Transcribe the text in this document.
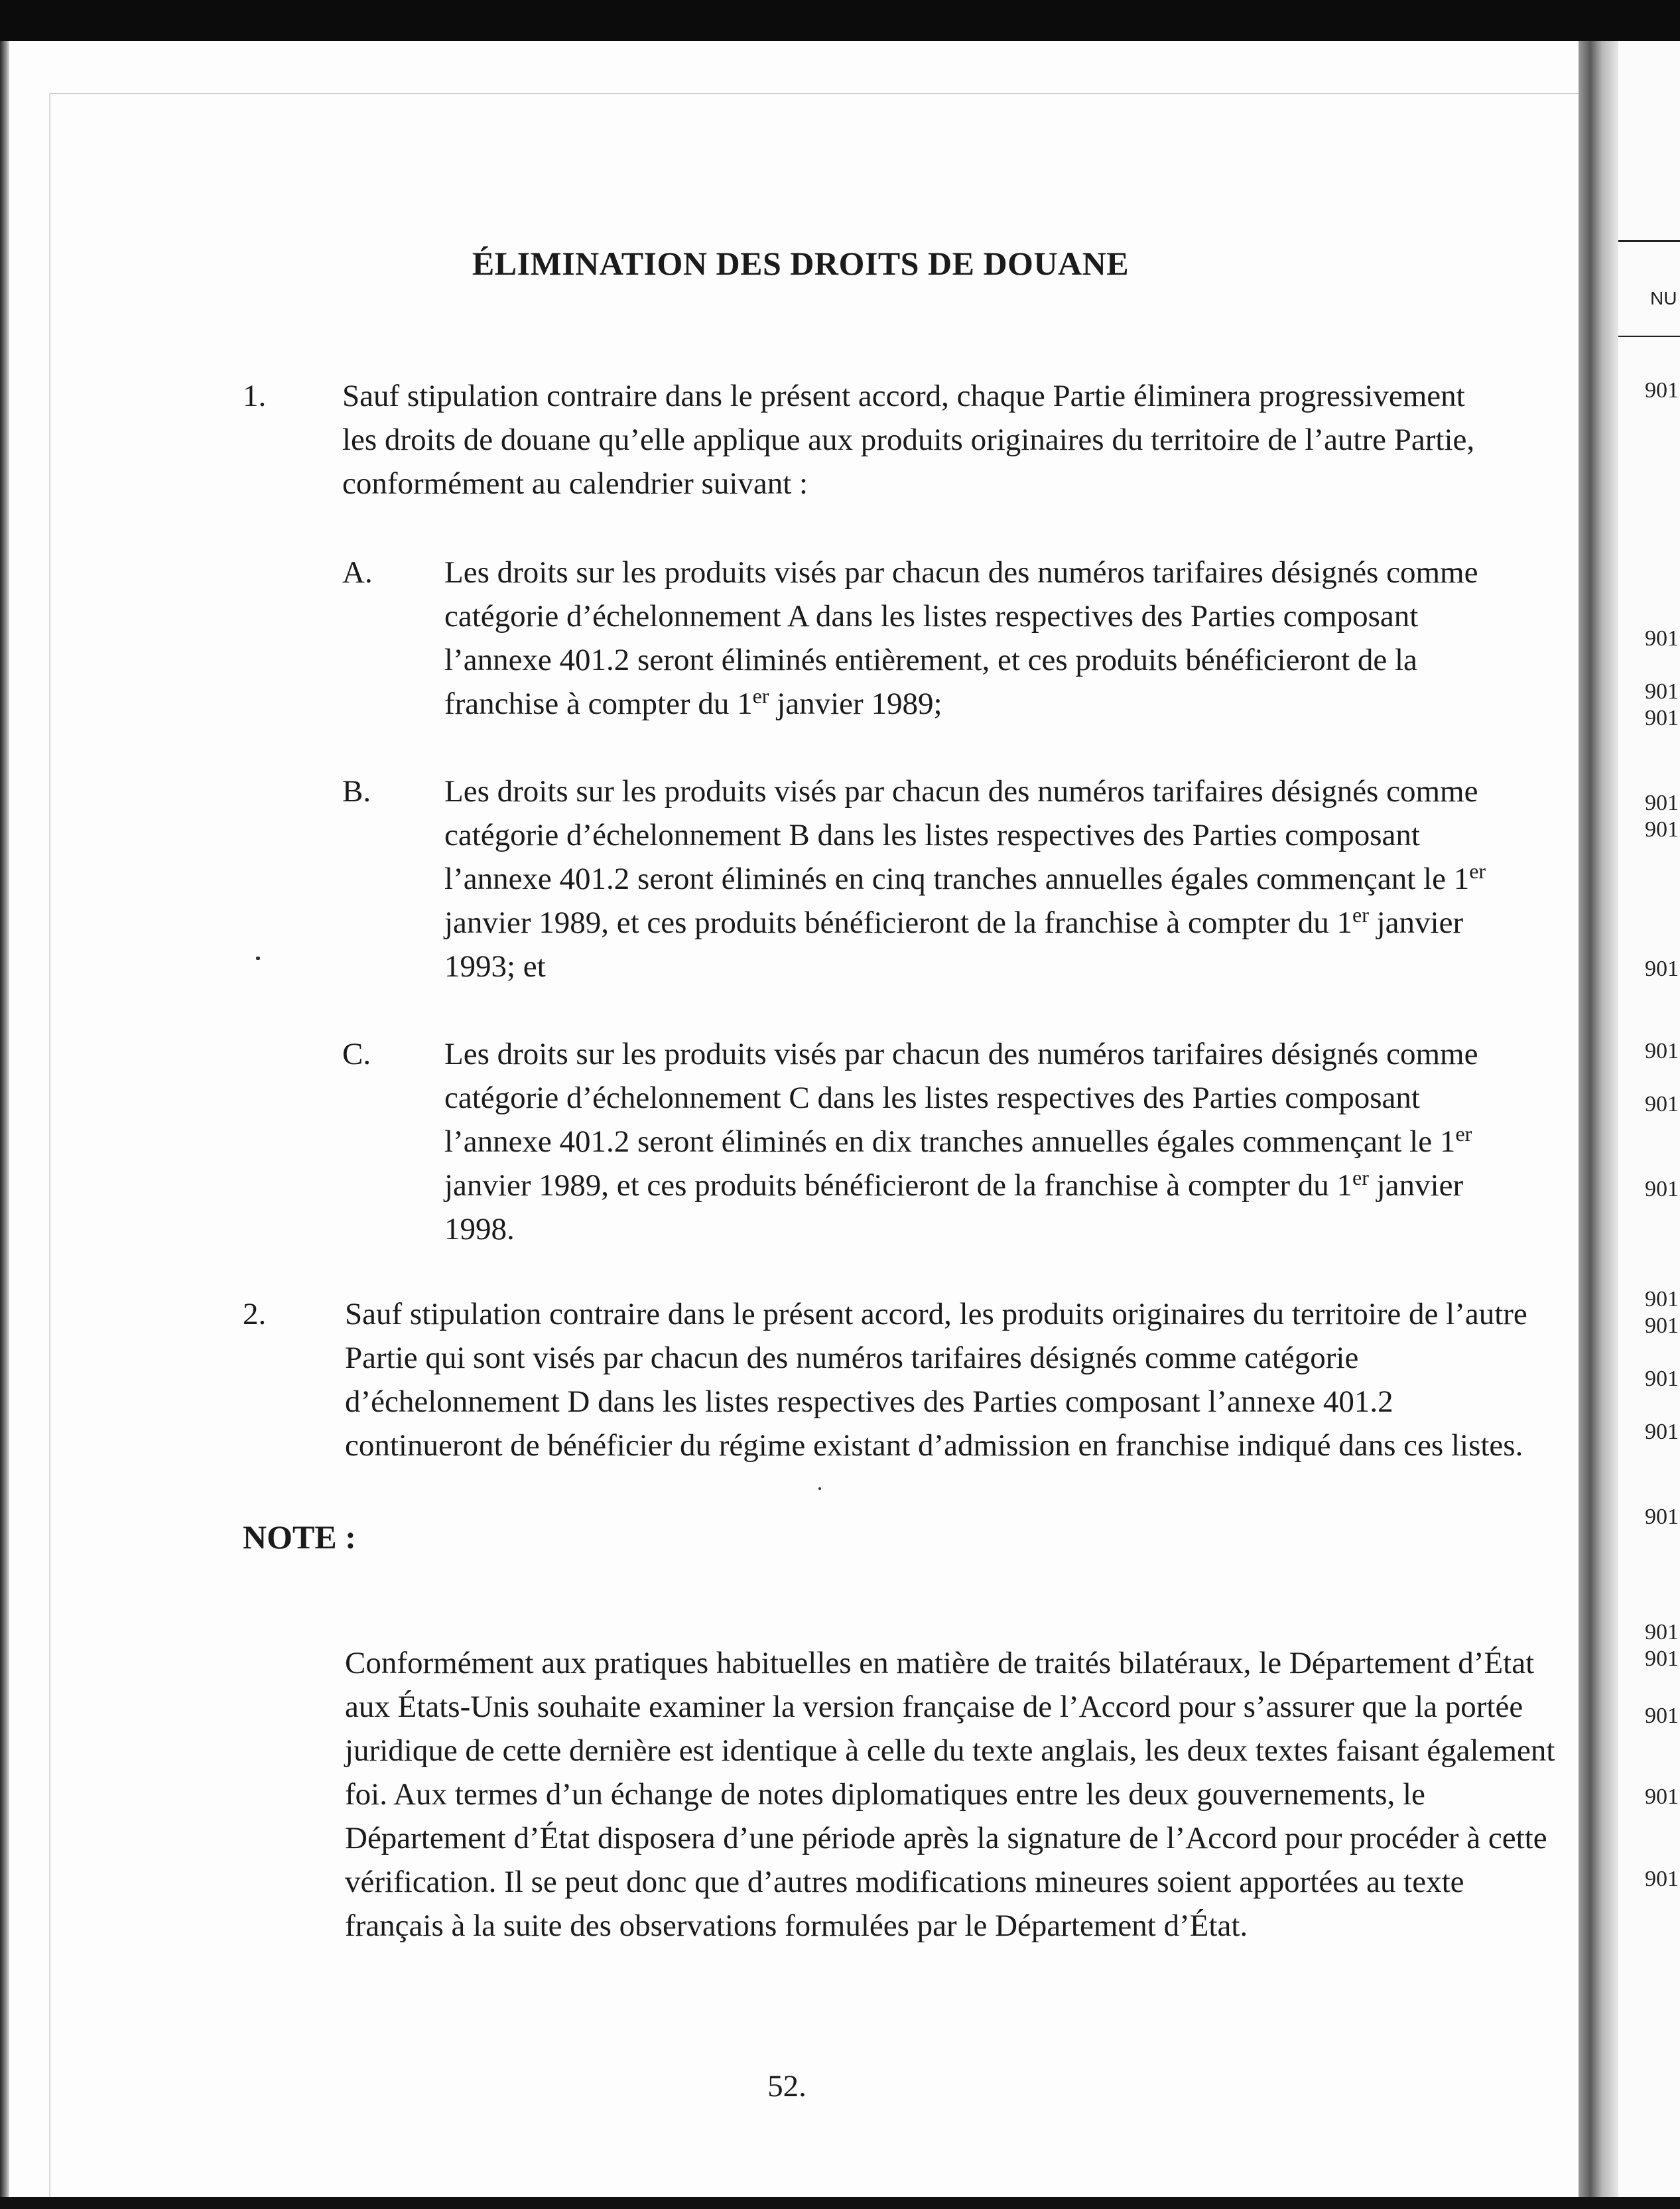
ÉLIMINATION DES DROITS DE DOUANE
1. Sauf stipulation contraire dans le présent accord, chaque Partie éliminera progressivement les droits de douane qu’elle applique aux produits originaires du territoire de l’autre Partie, conformément au calendrier suivant :
A. Les droits sur les produits visés par chacun des numéros tarifaires désignés comme catégorie d’échelonnement A dans les listes respectives des Parties composant l’annexe 401.2 seront éliminés entièrement, et ces produits bénéficieront de la franchise à compter du 1er janvier 1989;
B. Les droits sur les produits visés par chacun des numéros tarifaires désignés comme catégorie d’échelonnement B dans les listes respectives des Parties composant l’annexe 401.2 seront éliminés en cinq tranches annuelles égales commençant le 1er janvier 1989, et ces produits bénéficieront de la franchise à compter du 1er janvier 1993; et
C. Les droits sur les produits visés par chacun des numéros tarifaires désignés comme catégorie d’échelonnement C dans les listes respectives des Parties composant l’annexe 401.2 seront éliminés en dix tranches annuelles égales commençant le 1er janvier 1989, et ces produits bénéficieront de la franchise à compter du 1er janvier 1998.
2.	Sauf stipulation contraire dans le présent accord, les produits originaires du territoire de l’autre Partie qui sont visés par chacun des numéros tarifaires désignés comme catégorie d’échelonnement D dans les listes respectives des Parties composant l’annexe 401.2 continueront de bénéficier du régime existant d’admission en franchise indiqué dans ces listes.
NOTE :
Conformément aux pratiques habituelles en matière de traités bilatéraux, le Département d’État aux États-Unis souhaite examiner la version française de l’Accord pour s’assurer que la portée juridique de cette dernière est identique à celle du texte anglais, les deux textes faisant également foi. Aux termes d’un échange de notes diplomatiques entre les deux gouvernements, le Département d’État disposera d’une période après la signature de l’Accord pour procéder à cette vérification. Il se peut donc que d’autres modifications mineures soient apportées au texte français à la suite des observations formulées par le Département d’État.
NU
901
901
901
901
901
901
901
901
901
901
901
901
901
901
901
901
901
901
901
901
52.
